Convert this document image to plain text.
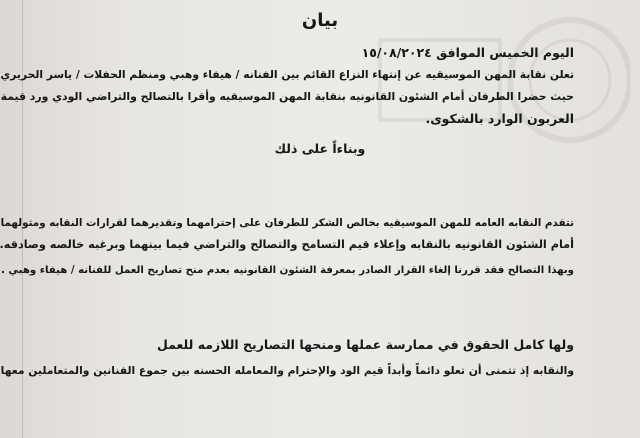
بيان
اليوم الخميس الموافق ١٥/٠٨/٢٠٢٤
تعلن نقابة المهن الموسيقيه عن إنتهاء النزاع القائم بين الفنانه / هيفاء وهبي ومنظم الحفلات / ياسر الحريري
حيث حضرا الطرفان أمام الشئون القانونيه بنقابة المهن الموسيقيه وأقرا بالتصالح والتراضي الودي ورد قيمة
العربون الوارد بالشكوى.
وبناءاً على ذلك
تتقدم النقابه العامه للمهن الموسيقيه بخالص الشكر للطرفان على إحترامهما وتقديرهما لقرارات النقابه ومثولهما
أمام الشئون القانونيه بالنقابه وإعلاء قيم التسامح والتصالح والتراضي فيما بينهما وبرغبه خالصه وصادقه.
وبهذا التصالح فقد قررنا إلغاء القرار الصادر بمعرفة الشئون القانونيه بعدم منح تصاريح العمل للفنانه / هيفاء وهبي .
ولها كامل الحقوق في ممارسة عملها ومنحها التصاريح اللازمه للعمل
والنقابه إذ تتمنى أن تعلو دائماً وأبداً قيم الود والإحترام والمعامله الحسنه بين جموع الفنانين والمتعاملين معها
